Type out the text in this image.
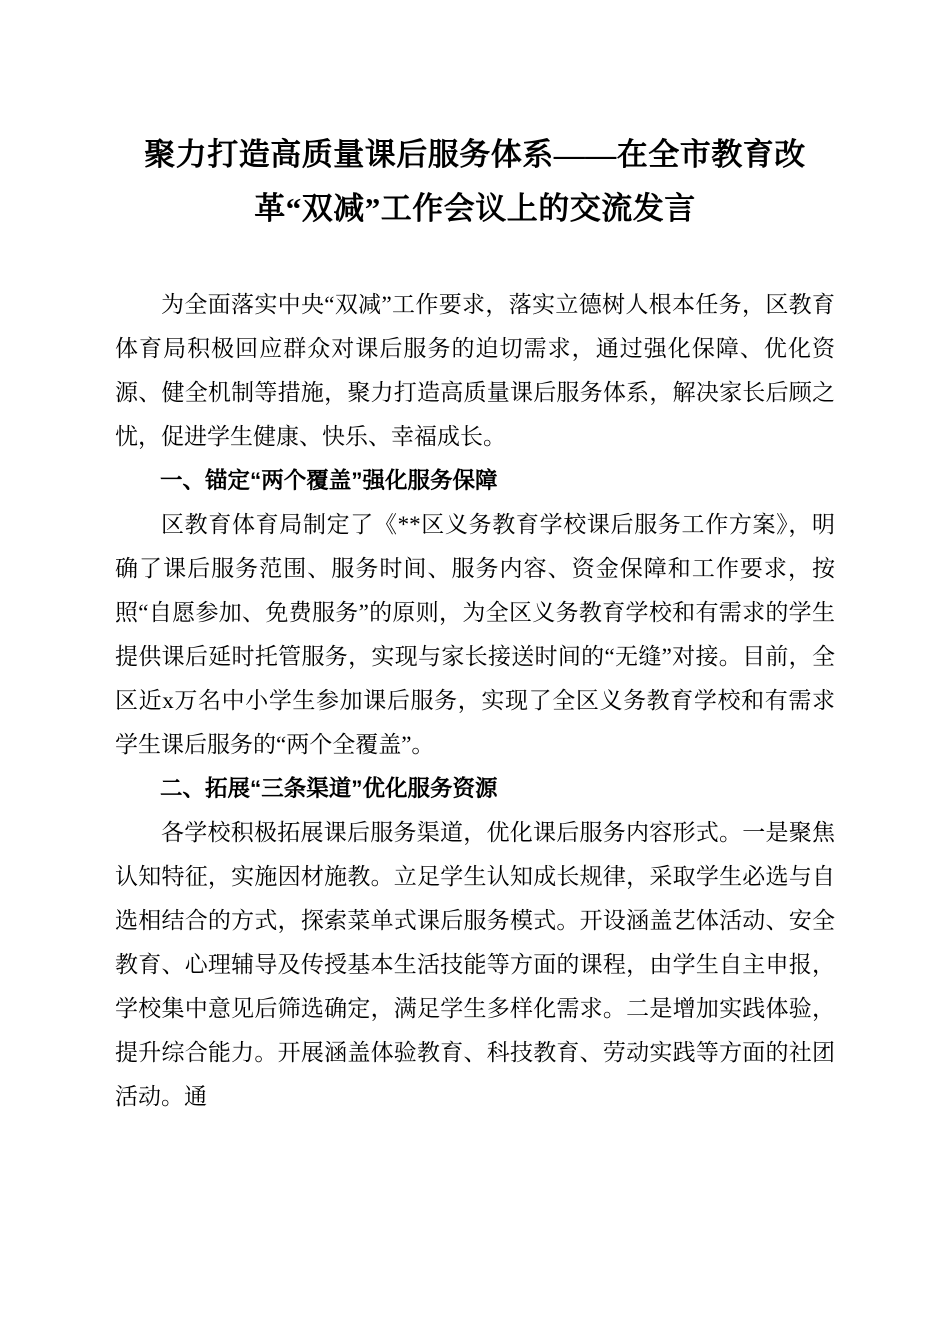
聚力打造高质量课后服务体系——在全市教育改革“双减”工作会议上的交流发言

为全面落实中央“双减”工作要求，落实立德树人根本任务，区教育体育局积极回应群众对课后服务的迫切需求，通过强化保障、优化资源、健全机制等措施，聚力打造高质量课后服务体系，解决家长后顾之忧，促进学生健康、快乐、幸福成长。

一、锚定“两个覆盖”强化服务保障

区教育体育局制定了《**区义务教育学校课后服务工作方案》，明确了课后服务范围、服务时间、服务内容、资金保障和工作要求，按照“自愿参加、免费服务”的原则，为全区义务教育学校和有需求的学生提供课后延时托管服务，实现与家长接送时间的“无缝”对接。目前，全区近x万名中小学生参加课后服务，实现了全区义务教育学校和有需求学生课后服务的“两个全覆盖”。

二、拓展“三条渠道”优化服务资源

各学校积极拓展课后服务渠道，优化课后服务内容形式。一是聚焦认知特征，实施因材施教。立足学生认知成长规律，采取学生必选与自选相结合的方式，探索菜单式课后服务模式。开设涵盖艺体活动、安全教育、心理辅导及传授基本生活技能等方面的课程，由学生自主申报，学校集中意见后筛选确定，满足学生多样化需求。二是增加实践体验，提升综合能力。开展涵盖体验教育、科技教育、劳动实践等方面的社团活动。通
